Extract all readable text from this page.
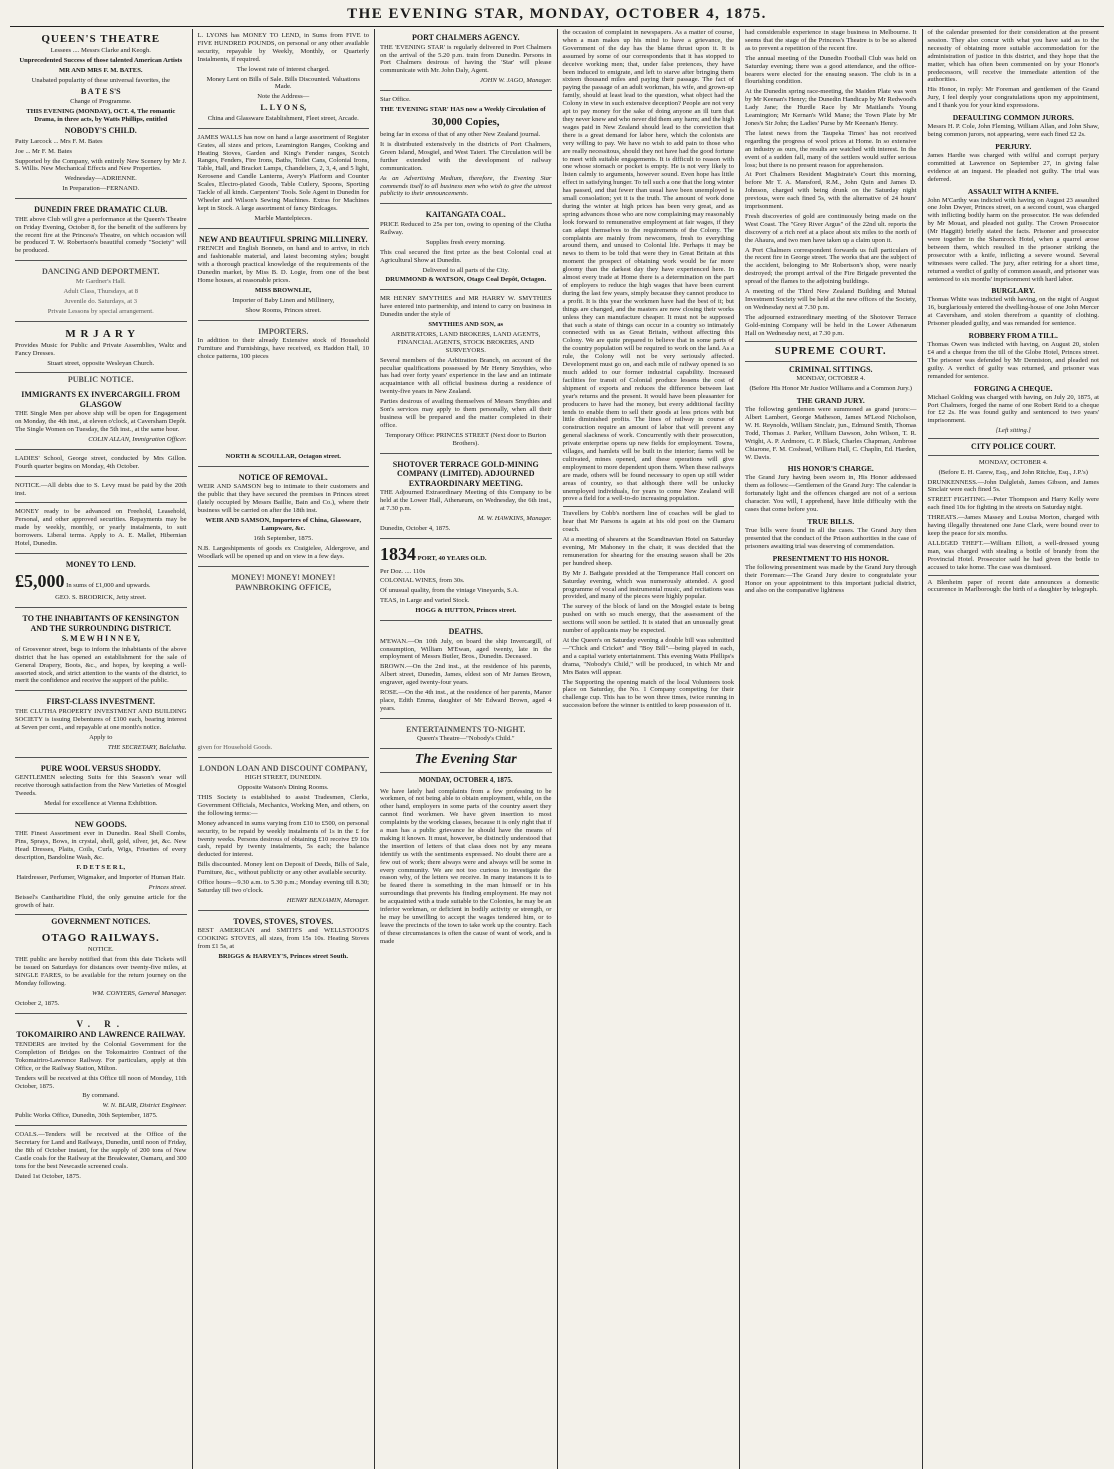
THE EVENING STAR, MONDAY, OCTOBER 4, 1875.
QUEEN'S THEATRE

Lessees .... Messrs Clarke and Keogh.

Unprecedented Success of those talented American Artists

MR AND MRS F. M. BATES.

Unabated popularity of these universal favorites, the

B A T E S'S

Change of Programme.

THIS EVENING (MONDAY), OCT. 4, The romantic Drama, in three acts, by Watts Phillips, entitled

NOBODY'S CHILD.

Patty Larcock ... Mrs F. M. Bates

Joe ... Mr F. M. Bates

Supported by the Company, with entirely New Scenery by Mr J. S. Willis. New Mechanical Effects and New Properties.

Wednesday—ADRIENNE.

In Preparation—FERNAND.

DUNEDIN FREE DRAMATIC CLUB.

THE above Club will give a performance at the Queen's Theatre on Friday Evening, October 8, for the benefit of the sufferers by the recent fire at the Princess's Theatre, on which occasion will be produced T. W. Robertson's beautiful comedy "Society" will be produced.

DANCING AND DEPORTMENT.

Mr Gardner's Hall.

Adult Class, Thursdays, at 8

Juvenile do. Saturdays, at 3

Private Lessons by special arrangement.

M R J A R Y

Provides Music for Public and Private Assemblies, Waltz and Fancy Dresses.

Stuart street, opposite Wesleyan Church.

PUBLIC NOTICE.
IMMIGRANTS EX INVERCARGILL FROM GLASGOW

THE Single Men per above ship will be open for Engagement on Monday, the 4th inst., at eleven o'clock, at Caversham Depôt. The Single Women on Tuesday, the 5th inst., at the same hour.

COLIN ALLAN, Immigration Officer.

LADIES' School, George street, conducted by Mrs Gillon. Fourth quarter begins on Monday, 4th October.

NOTICE.—All debts due to S. Levy must be paid by the 20th inst.

MONEY ready to be advanced on Freehold, Leasehold, Personal, and other approved securities. Repayments may be made by weekly, monthly, or yearly instalments, to suit borrowers. Liberal terms. Apply to A. E. Mallet, Hibernian Hotel, Dunedin.

MONEY TO LEND.

£5,000 In sums of £1,000 and upwards.

GEO. S. BRODRICK, Jetty street.

TO THE INHABITANTS OF KENSINGTON AND THE SURROUNDING DISTRICT.

S. M E W H I N N E Y,

of Grosvenor street, begs to inform the inhabitants of the above district that he has opened an establishment for the sale of General Drapery, Boots, &c., and hopes, by keeping a well-assorted stock, and strict attention to the wants of the district, to merit the confidence and receive the support of the public.

FIRST-CLASS INVESTMENT.

THE CLUTHA PROPERTY INVESTMENT AND BUILDING SOCIETY is issuing Debentures of £100 each, bearing interest at Seven per cent., and repayable at one month's notice.

Apply to

THE SECRETARY, Balclutha.

PURE WOOL VERSUS SHODDY.

GENTLEMEN selecting Suits for this Season's wear will receive thorough satisfaction from the New Varieties of Mosgiel Tweeds.

Medal for excellence at Vienna Exhibition.

NEW GOODS.

THE Finest Assortment ever in Dunedin. Real Shell Combs, Pins, Sprays, Bows, in crystal, shell, gold, silver, jet, &c. New Head Dresses, Plaits, Coils, Curls, Wigs, Frisettes of every description, Bandoline Wash, &c.

F. D E T S E R L,

Hairdresser, Perfumer, Wigmaker, and Importer of Human Hair.

Princes street.

Beissel's Cantharidine Fluid, the only genuine article for the growth of hair.

GOVERNMENT NOTICES.
OTAGO RAILWAYS.

NOTICE.

THE public are hereby notified that from this date Tickets will be issued on Saturdays for distances over twenty-five miles, at SINGLE FARES, to be available for the return journey on the Monday following.

WM. CONYERS, General Manager.

October 2, 1875.

V. R.
TOKOMAIRIRO AND LAWRENCE RAILWAY.

TENDERS are invited by the Colonial Government for the Completion of Bridges on the Tokomairiro Contract of the Tokomairiro-Lawrence Railway. For particulars, apply at this Office, or the Railway Station, Milton.

Tenders will be received at this Office till noon of Monday, 11th October, 1875.

By command.

W. N. BLAIR, District Engineer.

Public Works Office, Dunedin, 30th September, 1875.

COALS.—Tenders will be received at the Office of the Secretary for Land and Railways, Dunedin, until noon of Friday, the 8th of October instant, for the supply of 200 tons of New Castle coals for the Railway at the Breakwater, Oamaru, and 300 tons for the best Newcastle screened coals.

Dated 1st October, 1875.

L. LYONS has MONEY TO LEND, in Sums from FIVE to FIVE HUNDRED POUNDS, on personal or any other available security, repayable by Weekly, Monthly, or Quarterly Instalments, if required.

The lowest rate of interest charged.

Money Lent on Bills of Sale. Bills Discounted. Valuations Made.

Note the Address—

L. L Y O N S,

China and Glassware Establishment, Fleet street, Arcade.

JAMES WALLS has now on hand a large assortment of Register Grates, all sizes and prices, Leamington Ranges, Cooking and Heating Stoves, Garden and King's Fender ranges, Scotch Ranges, Fenders, Fire Irons, Baths, Toilet Cans, Colonial Irons, Table, Hall, and Bracket Lamps, Chandeliers, 2, 3, 4, and 5 light, Kerosene and Candle Lanterns, Avery's Platform and Counter Scales, Electro-plated Goods, Table Cutlery, Spoons, Sporting Tackle of all kinds. Carpenters' Tools. Sole Agent in Dunedin for Wheeler and Wilson's Sewing Machines. Extras for Machines kept in Stock. A large assortment of fancy Birdcages.

Marble Mantelpieces.

NEW AND BEAUTIFUL SPRING MILLINERY.

FRENCH and English Bonnets, on hand and to arrive, in rich and fashionable material, and latest becoming styles; bought with a thorough practical knowledge of the requirements of the Dunedin market, by Miss B. D. Logie, from one of the best Home houses, at reasonable prices.

MISS BROWNLIE,

Importer of Baby Linen and Millinery,

Show Rooms, Princes street.

IMPORTERS.

In addition to their already Extensive stock of Household Furniture and Furnishings, have received, ex Haddon Hall, 10 choice patterns, 100 pieces

NORTH & SCOULLAR, Octagon street.

NOTICE OF REMOVAL.

WEIR AND SAMSON beg to intimate to their customers and the public that they have secured the premises in Princes street (lately occupied by Messrs Baillie, Bain and Co.), where their business will be carried on after the 18th inst.

WEIR AND SAMSON, Importers of China, Glassware, Lampware, &c.

16th September, 1875.

N.B. Largeshipments of goods ex Craigielee, Aldergrove, and Woodlark will be opened up and on view in a few days.

MONEY! MONEY! MONEY!
PAWNBROKING OFFICE,

given for Household Goods.

LONDON LOAN AND DISCOUNT COMPANY,

HIGH STREET, DUNEDIN.

Opposite Watson's Dining Rooms.

THIS Society is established to assist Tradesmen, Clerks, Government Officials, Mechanics, Working Men, and others, on the following terms:—

Money advanced in sums varying from £10 to £500, on personal security, to be repaid by weekly instalments of 1s in the £ for twenty weeks. Persons desirous of obtaining £10 receive £9 10s cash, repaid by twenty instalments, 5s each; the balance deducted for interest.

Bills discounted. Money lent on Deposit of Deeds, Bills of Sale, Furniture, &c., without publicity or any other available security.

Office hours—9.30 a.m. to 5.30 p.m.; Monday evening till 8.30; Saturday till two o'clock.

HENRY BENJAMIN, Manager.

TOVES, STOVES, STOVES.

BEST AMERICAN and SMITH'S and WELLSTOOD'S COOKING STOVES, all sizes, from 15s 10s. Heating Stoves from £1 5s, at

BRIGGS & HARVEY'S, Princes street South.

PORT CHALMERS AGENCY.

THE 'EVENING STAR' is regularly delivered in Port Chalmers on the arrival of the 5.20 p.m. train from Dunedin. Persons in Port Chalmers desirous of having the 'Star' will please communicate with Mr. John Daly, Agent.

JOHN W. JAGO, Manager.

Star Office.

THE 'EVENING STAR' HAS now a Weekly Circulation of

30,000 Copies,

being far in excess of that of any other New Zealand journal.

It is distributed extensively in the districts of Port Chalmers, Green Island, Mosgiel, and West Taieri. The Circulation will be further extended with the development of railway communication.

As an Advertising Medium, therefore, the Evening Star commends itself to all business men who wish to give the utmost publicity to their announcements.

KAITANGATA COAL.

PRICE Reduced to 25s per ton, owing to opening of the Clutha Railway.

Supplies fresh every morning.

This coal secured the first prize as the best Colonial coal at Agricultural Show at Dunedin.

Delivered to all parts of the City.

DRUMMOND & WATSON, Otago Coal Depôt, Octagon.

MR HENRY SMYTHIES and MR HARRY W. SMYTHIES have entered into partnership, and intend to carry on business in Dunedin under the style of

SMYTHIES AND SON, as

ARBITRATORS, LAND BROKERS, LAND AGENTS, FINANCIAL AGENTS, STOCK BROKERS, AND SURVEYORS.

Several members of the Arbitration Branch, on account of the peculiar qualifications possessed by Mr Henry Smythies, who has had over forty years' experience in the law and an intimate acquaintance with all official business during a residence of twenty-five years in New Zealand.

Parties desirous of availing themselves of Messrs Smythies and Son's services may apply to them personally, when all their business will be prepared and the matter completed in their office.

Temporary Office: PRINCES STREET (Next door to Burton Brothers).

SHOTOVER TERRACE GOLD-MINING COMPANY (LIMITED). ADJOURNED EXTRAORDINARY MEETING.

THE Adjourned Extraordinary Meeting of this Company to be held at the Lower Hall, Athenæum, on Wednesday, the 6th inst., at 7.30 p.m.

M. W. HAWKINS, Manager.

Dunedin, October 4, 1875.

1834 PORT, 40 YEARS OLD.

Per Doz. .... 110s

COLONIAL WINES, from 30s.

Of unusual quality, from the vintage Vineyards, S.A.

TEAS, in Large and varied Stock.

HOGG & HUTTON, Princes street.

DEATHS.

M'EWAN.—On 10th July, on board the ship Invercargill, of consumption, William M'Ewan, aged twenty, late in the employment of Messrs Butler, Bros., Dunedin. Deceased.

BROWN.—On the 2nd inst., at the residence of his parents, Albert street, Dunedin, James, eldest son of Mr James Brown, engraver, aged twenty-four years.

ROSE.—On the 4th inst., at the residence of her parents, Manor place, Edith Emma, daughter of Mr Edward Brown, aged 4 years.

ENTERTAINMENTS TO-NIGHT.

Queen's Theatre—"Nobody's Child."

The Evening Star
MONDAY, OCTOBER 4, 1875.

We have lately had complaints from a few professing to be workmen, of not being able to obtain employment, while, on the other hand, employers in some parts of the country assert they cannot find workmen. We have given insertion to most complaints by the working classes, because it is only right that if a man has a public grievance he should have the means of making it known. It must, however, be distinctly understood that the insertion of letters of that class does not by any means identify us with the sentiments expressed. No doubt there are a few out of work; there always were and always will be some in every community. We are not too curious to investigate the reason why, of the letters we receive. In many instances it is to be feared there is something in the man himself or in his surroundings that prevents his finding employment. He may not be acquainted with a trade suitable to the Colonies, he may be an inferior workman, or deficient in bodily activity or strength, or he may be unwilling to accept the wages tendered him, or to leave the precincts of the town to take work up the country. Each of these circumstances is often the cause of want of work, and is made

the occasion of complaint in newspapers. As a matter of course, when a man makes up his mind to have a grievance, the Government of the day has the blame thrust upon it. It is assumed by some of our correspondents that it has stopped to deceive working men; that, under false pretences, they have been induced to emigrate, and left to starve after bringing them sixteen thousand miles and paying their passage. The fact of paying the passage of an adult workman, his wife, and grown-up family, should at least lead to the question, what object had the Colony in view in such extensive deception? People are not very apt to pay money for the sake of doing anyone an ill turn that they never knew and who never did them any harm; and the high wages paid in New Zealand should lead to the conviction that there is a great demand for labor here, which the colonists are very willing to pay. We have no wish to add pain to those who are really necessitous, should they not have had the good fortune to meet with suitable engagements. It is difficult to reason with one whose stomach or pocket is empty. He is not very likely to listen calmly to arguments, however sound. Even hope has little effect in satisfying hunger. To tell such a one that the long winter has passed, and that fewer than usual have been unemployed is small consolation; yet it is the truth. The amount of work done during the winter at high prices has been very great, and as spring advances those who are now complaining may reasonably look forward to remunerative employment at fair wages, if they can adapt themselves to the requirements of the Colony. The complaints are mainly from newcomers, fresh to everything around them, and unused to Colonial life. Perhaps it may be news to them to be told that were they in Great Britain at this moment the prospect of obtaining work would be far more gloomy than the darkest day they have experienced here. In almost every trade at Home there is a determination on the part of employers to reduce the high wages that have been current during the last few years, simply because they cannot produce to a profit. It is this year the workmen have had the best of it; but things are changed, and the masters are now closing their works unless they can manufacture cheaper. It must not be supposed that such a state of things can occur in a country so intimately connected with us as Great Britain, without affecting this Colony. We are quite prepared to believe that in some parts of the country population will be required to work on the land. As a rule, the Colony will not be very seriously affected. Development must go on, and each mile of railway opened is so much added to our former industrial capability. Increased facilities for transit of Colonial produce lessens the cost of shipment of exports and reduces the difference between last year's returns and the present. It would have been pleasanter for producers to have had the money, but every additional facility tends to enable them to sell their goods at less prices with but little diminished profits. The lines of railway in course of construction require an amount of labor that will prevent any general slackness of work. Concurrently with their prosecution, private enterprise opens up new fields for employment. Towns, villages, and hamlets will be built in the interior; farms will be cultivated, mines opened, and these operations will give employment to more dependent upon them. When these railways are made, others will be found necessary to open up still wider areas of country, so that although there will be unlucky unemployed individuals, for years to come New Zealand will prove a field for a well-to-do increasing population.

Travellers by Cobb's northern line of coaches will be glad to hear that Mr Parsons is again at his old post on the Oamaru coach.

At a meeting of shearers at the Scandinavian Hotel on Saturday evening, Mr Mahoney in the chair, it was decided that the remuneration for shearing for the ensuing season shall be 20s per hundred sheep.

By Mr J. Bathgate presided at the Temperance Hall concert on Saturday evening, which was numerously attended. A good programme of vocal and instrumental music, and recitations was provided, and many of the pieces were highly popular.

The survey of the block of land on the Mosgiel estate is being pushed on with so much energy, that the assessment of the sections will soon be settled. It is stated that an unusually great number of applicants may be expected.

At the Queen's on Saturday evening a double bill was submitted—"Chick and Cricket" and "Boy Bill"—being played in each, and a capital variety entertainment. This evening Watts Phillips's drama, "Nobody's Child," will be produced, in which Mr and Mrs Bates will appear.

The Supporting the opening match of the local Volunteers took place on Saturday, the No. 1 Company competing for their challenge cup. This has to be won three times, twice running in succession before the winner is entitled to keep possession of it.

had considerable experience in stage business in Melbourne. It seems that the stage of the Princess's Theatre is to be so altered as to prevent a repetition of the recent fire.

The annual meeting of the Dunedin Football Club was held on Saturday evening; there was a good attendance, and the office-bearers were elected for the ensuing season. The club is in a flourishing condition.

At the Dunedin spring race-meeting, the Maiden Plate was won by Mr Keenan's Henry; the Dunedin Handicap by Mr Redwood's Lady Jane; the Hurdle Race by Mr Maitland's Young Leamington; Mr Kernan's Wild Mane; the Town Plate by Mr Jones's Sir John; the Ladies' Purse by Mr Keenan's Henry.

The latest news from the Taupeka Times' has not received regarding the progress of wool prices at Home. In so extensive an industry as ours, the results are watched with interest. In the event of a sudden fall, many of the settlers would suffer serious loss; but there is no present reason for apprehension.

At Port Chalmers Resident Magistrate's Court this morning, before Mr T. A. Mansford, R.M., John Quin and James D. Johnson, charged with being drunk on the Saturday night previous, were each fined 5s, with the alternative of 24 hours' imprisonment.

Fresh discoveries of gold are continuously being made on the West Coast. The "Grey River Argus" of the 22nd ult. reports the discovery of a rich reef at a place about six miles to the north of the Ahaura, and two men have taken up a claim upon it.

A Port Chalmers correspondent forwards us full particulars of the recent fire in George street. The works that are the subject of the accident, belonging to Mr Robertson's shop, were nearly destroyed; the prompt arrival of the Fire Brigade prevented the spread of the flames to the adjoining buildings.

A meeting of the Third New Zealand Building and Mutual Investment Society will be held at the new offices of the Society, on Wednesday next at 7.30 p.m.

The adjourned extraordinary meeting of the Shotover Terrace Gold-mining Company will be held in the Lower Athenæum Hall on Wednesday next, at 7.30 p.m.

SUPREME COURT.
CRIMINAL SITTINGS.

MONDAY, OCTOBER 4.

(Before His Honor Mr Justice Williams and a Common Jury.)

THE GRAND JURY.

The following gentlemen were summoned as grand jurors:—Albert Lambert, George Matheson, James M'Leod Nicholson, W. H. Reynolds, William Sinclair, jun., Edmund Smith, Thomas Todd, Thomas J. Parker, William Dawson, John Wilson, T. R. Wright, A. P. Ardmore, C. P. Black, Charles Chapman, Ambrose Chiarone, F. M. Coshead, William Hall, C. Chaplin, Ed. Harden, W. Davis.

HIS HONOR'S CHARGE.

The Grand Jury having been sworn in, His Honor addressed them as follows:—Gentlemen of the Grand Jury: The calendar is fortunately light and the offences charged are not of a serious character. You will, I apprehend, have little difficulty with the cases that come before you.

TRUE BILLS.

True bills were found in all the cases. The Grand Jury then presented that the conduct of the Prison authorities in the case of prisoners awaiting trial was deserving of commendation.

PRESENTMENT TO HIS HONOR.

The following presentment was made by the Grand Jury through their Foreman:—The Grand Jury desire to congratulate your Honor on your appointment to this important judicial district, and also on the comparative lightness

of the calendar presented for their consideration at the present session. They also concur with what you have said as to the necessity of obtaining more suitable accommodation for the administration of justice in this district, and they hope that the matter, which has often been commented on by your Honor's predecessors, will receive the immediate attention of the authorities.

His Honor, in reply: Mr Foreman and gentlemen of the Grand Jury, I feel deeply your congratulations upon my appointment, and I thank you for your kind expressions.

DEFAULTING COMMON JURORS.

Messrs H. P. Cole, John Fleming, William Allan, and John Shaw, being common jurors, not appearing, were each fined £2 2s.

PERJURY.

James Hardie was charged with wilful and corrupt perjury committed at Lawrence on September 27, in giving false evidence at an inquest. He pleaded not guilty. The trial was deferred.

ASSAULT WITH A KNIFE.

John M'Carthy was indicted with having on August 23 assaulted one John Dwyer, Princes street, on a second count, was charged with inflicting bodily harm on the prosecutor. He was defended by Mr Mouat, and pleaded not guilty. The Crown Prosecutor (Mr Haggitt) briefly stated the facts. Prisoner and prosecutor were together in the Shamrock Hotel, when a quarrel arose between them, which resulted in the prisoner striking the prosecutor with a knife, inflicting a severe wound. Several witnesses were called. The jury, after retiring for a short time, returned a verdict of guilty of common assault, and prisoner was sentenced to six months' imprisonment with hard labor.

BURGLARY.

Thomas White was indicted with having, on the night of August 16, burglariously entered the dwelling-house of one John Mercer at Caversham, and stolen therefrom a quantity of clothing. Prisoner pleaded guilty, and was remanded for sentence.

ROBBERY FROM A TILL.

Thomas Owen was indicted with having, on August 20, stolen £4 and a cheque from the till of the Globe Hotel, Princes street. The prisoner was defended by Mr Denniston, and pleaded not guilty. A verdict of guilty was returned, and prisoner was remanded for sentence.

FORGING A CHEQUE.

Michael Golding was charged with having, on July 20, 1875, at Port Chalmers, forged the name of one Robert Reid to a cheque for £2 2s. He was found guilty and sentenced to two years' imprisonment.

[Left sitting.]

CITY POLICE COURT.

MONDAY, OCTOBER 4.

(Before E. H. Carew, Esq., and John Ritchie, Esq., J.P.'s)

DRUNKENNESS.—John Dalgleish, James Gibson, and James Sinclair were each fined 5s.

STREET FIGHTING.—Peter Thompson and Harry Kelly were each fined 10s for fighting in the streets on Saturday night.

THREATS.—James Massey and Louisa Morton, charged with having illegally threatened one Jane Clark, were bound over to keep the peace for six months.

ALLEGED THEFT.—William Elliott, a well-dressed young man, was charged with stealing a bottle of brandy from the Provincial Hotel. Prosecutor said he had given the bottle to accused to take home. The case was dismissed.

A Blenheim paper of recent date announces a domestic occurrence in Marlborough: the birth of a daughter by telegraph.
